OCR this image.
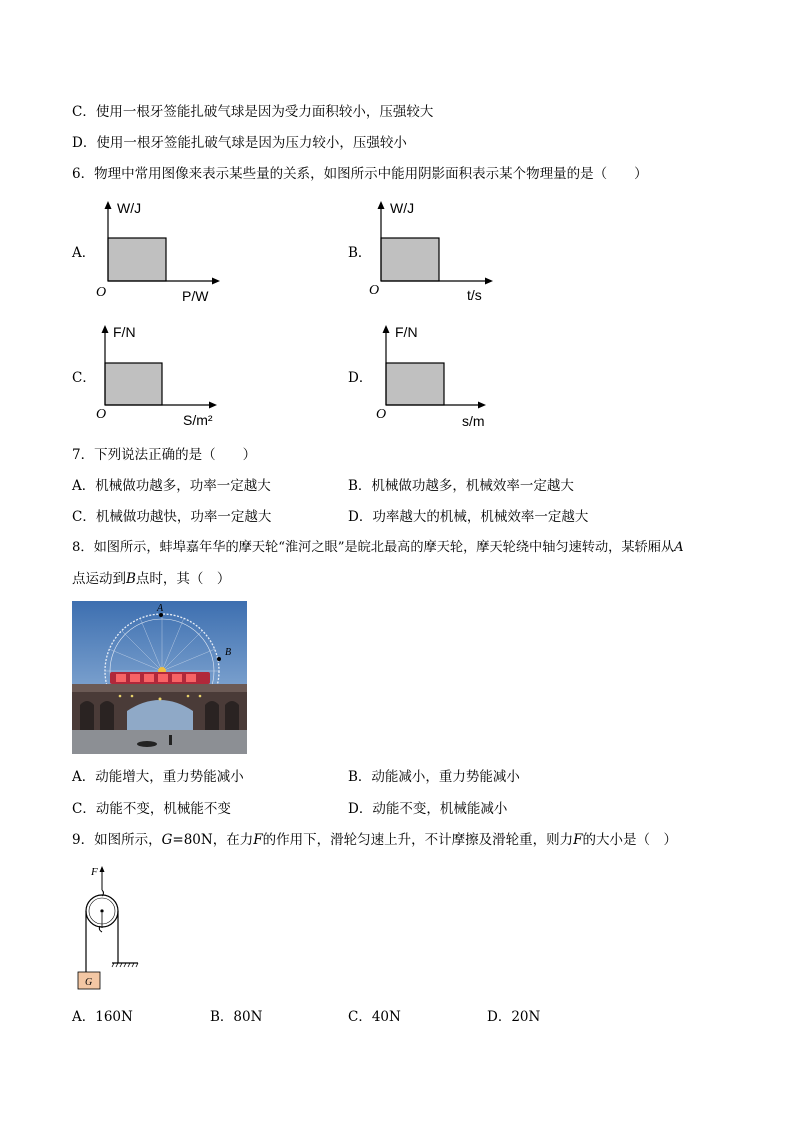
C．使用一根牙签能扎破气球是因为受力面积较小，压强较大
D．使用一根牙签能扎破气球是因为压力较小，压强较小
6．物理中常用图像来表示某些量的关系，如图所示中能用阴影面积表示某个物理量的是（　　）
A．
W/J
O	P/W
B．
W/J
O	t/s
C．
F/N
O	S/m²
D．
F/N
O	s/m
7．下列说法正确的是（　　）
A．机械做功越多，功率一定越大	B．机械做功越多，机械效率一定越大
C．机械做功越快，功率一定越大	D．功率越大的机械，机械效率一定越大
8．如图所示，蚌埠嘉年华的摩天轮“淮河之眼”是皖北最高的摩天轮，摩天轮绕中轴匀速转动，某轿厢从A
点运动到B点时，其（　）
A
B
A．动能增大，重力势能减小	B．动能减小，重力势能减小
C．动能不变，机械能不变	D．动能不变，机械能减小
9．如图所示，G=80N，在力F的作用下，滑轮匀速上升，不计摩擦及滑轮重，则力F的大小是（　）
F
G
A．160N	B．80N	C．40N	D．20N
